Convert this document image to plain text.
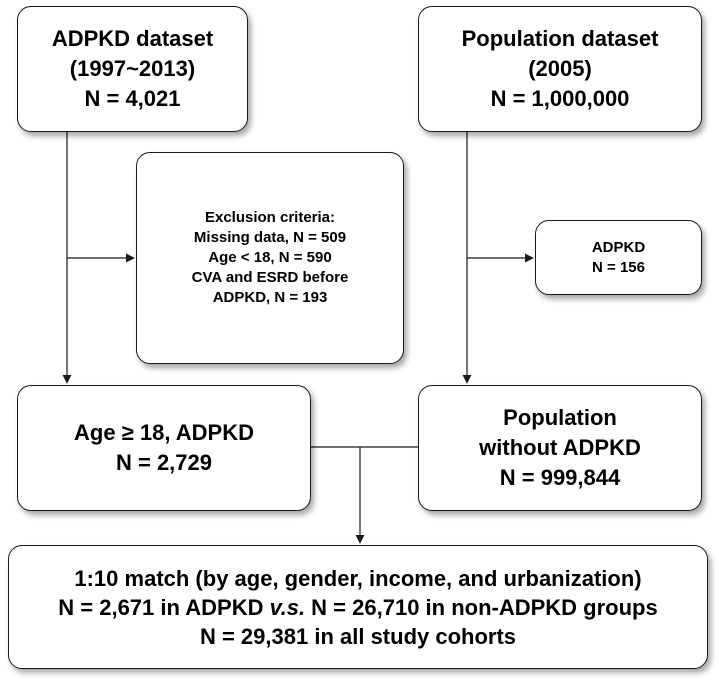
ADPKD dataset
(1997~2013)
N = 4,021
Population dataset
(2005)
N = 1,000,000
Exclusion criteria:
Missing data, N = 509
Age < 18, N = 590
CVA and ESRD before
ADPKD, N = 193
ADPKD
N = 156
Age ≥ 18, ADPKD
N = 2,729
Population
without ADPKD
N = 999,844
1:10 match (by age, gender, income, and urbanization)
N = 2,671 in ADPKD v.s. N = 26,710 in non-ADPKD groups
N = 29,381 in all study cohorts
